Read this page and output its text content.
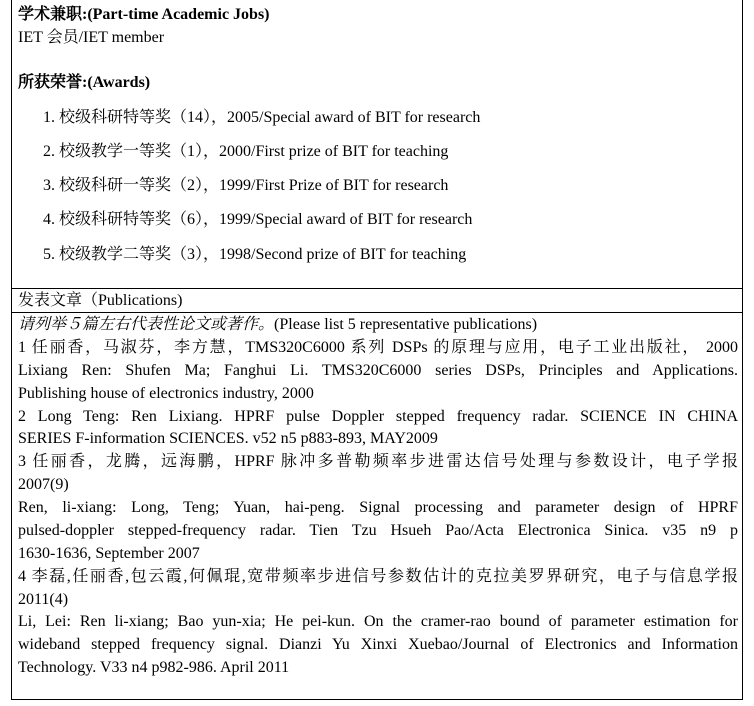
学术兼职:(Part-time Academic Jobs)
IET 会员/IET member
所获荣誉:(Awards)
1. 校级科研特等奖（14），2005/Special award of BIT for research
2. 校级教学一等奖（1），2000/First prize of BIT for teaching
3. 校级科研一等奖（2），1999/First Prize of BIT for research
4. 校级科研特等奖（6），1999/Special award of BIT for research
5. 校级教学二等奖（3），1998/Second prize of BIT for teaching
发表文章（Publications)
请列举５篇左右代表性论文或著作。(Please list 5 representative publications)
1 任丽香，马淑芬，李方慧，TMS320C6000 系列 DSPs 的原理与应用，电子工业出版社， 2000
Lixiang Ren: Shufen Ma; Fanghui Li. TMS320C6000 series DSPs, Principles and Applications.
Publishing house of electronics industry, 2000
2 Long Teng: Ren Lixiang. HPRF pulse Doppler stepped frequency radar. SCIENCE IN CHINA
SERIES F-information SCIENCES. v52 n5 p883-893, MAY2009
3 任丽香，龙腾，远海鹏，HPRF 脉冲多普勒频率步进雷达信号处理与参数设计，电子学报
2007(9)
Ren, li-xiang: Long, Teng; Yuan, hai-peng. Signal processing and parameter design of HPRF
pulsed-doppler stepped-frequency radar. Tien Tzu Hsueh Pao/Acta Electronica Sinica. v35 n9 p
1630-1636, September 2007
4 李磊,任丽香,包云霞,何佩琨,宽带频率步进信号参数估计的克拉美罗界研究，电子与信息学报
2011(4)
Li, Lei: Ren li-xiang; Bao yun-xia; He pei-kun. On the cramer-rao bound of parameter estimation for
wideband stepped frequency signal. Dianzi Yu Xinxi Xuebao/Journal of Electronics and Information
Technology. V33 n4 p982-986. April 2011
